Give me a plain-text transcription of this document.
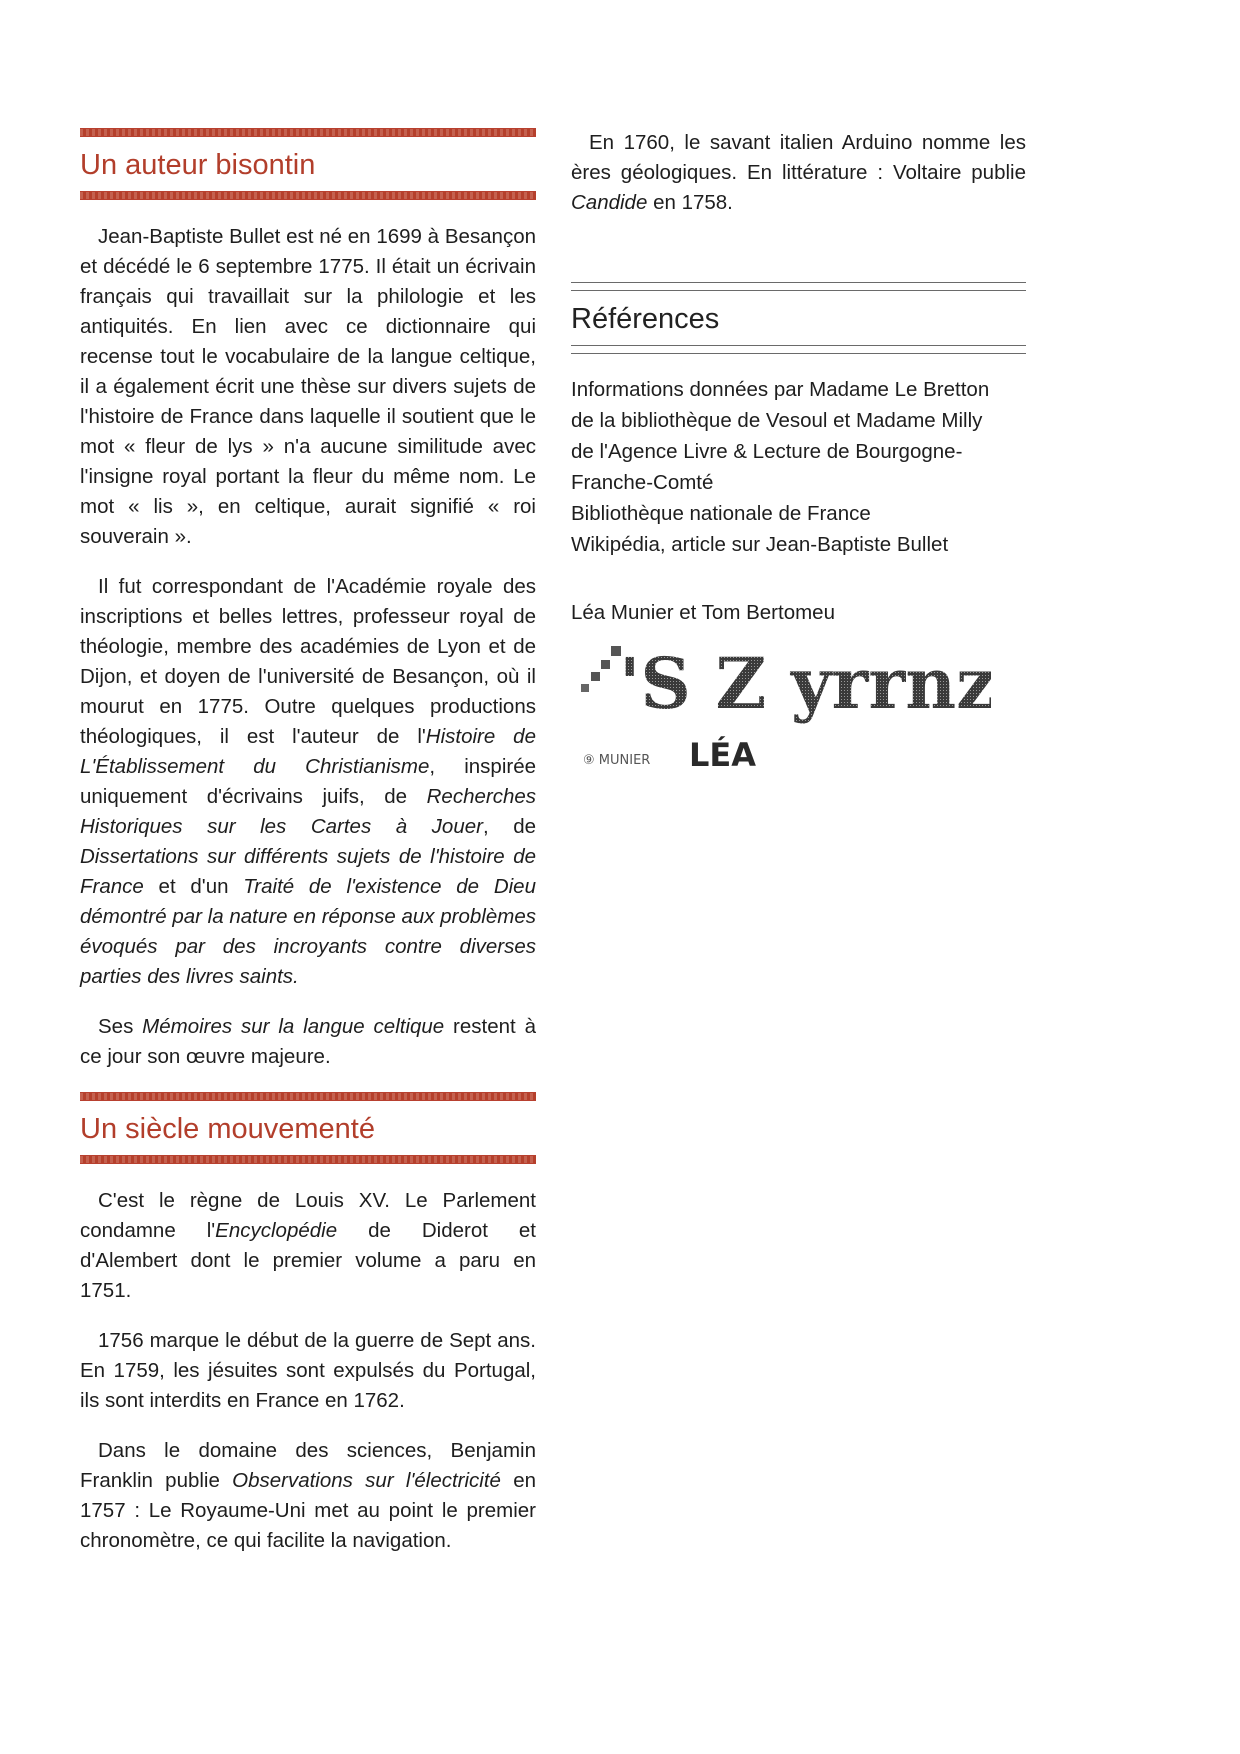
Un auteur bisontin

Jean-Baptiste Bullet est né en 1699 à Besançon et décédé le 6 septembre 1775. Il était un écrivain français qui travaillait sur la philologie et les antiquités. En lien avec ce dictionnaire qui recense tout le vocabulaire de la langue celtique, il a également écrit une thèse sur divers sujets de l'histoire de France dans laquelle il soutient que le mot « fleur de lys » n'a aucune similitude avec l'insigne royal portant la fleur du même nom. Le mot « lis », en celtique, aurait signifié « roi souverain ».

Il fut correspondant de l'Académie royale des inscriptions et belles lettres, professeur royal de théologie, membre des académies de Lyon et de Dijon, et doyen de l'université de Besançon, où il mourut en 1775. Outre quelques productions théologiques, il est l'auteur de l'Histoire de L'Établissement du Christianisme, inspirée uniquement d'écrivains juifs, de Recherches Historiques sur les Cartes à Jouer, de Dissertations sur différents sujets de l'histoire de France et d'un Traité de l'existence de Dieu démontré par la nature en réponse aux problèmes évoqués par des incroyants contre diverses parties des livres saints.

Ses Mémoires sur la langue celtique restent à ce jour son œuvre majeure.

Un siècle mouvementé

C'est le règne de Louis XV. Le Parlement condamne l'Encyclopédie de Diderot et d'Alembert dont le premier volume a paru en 1751.

1756 marque le début de la guerre de Sept ans. En 1759, les jésuites sont expulsés du Portugal, ils sont interdits en France en 1762.

Dans le domaine des sciences, Benjamin Franklin publie Observations sur l'électricité en 1757 : Le Royaume-Uni met au point le premier chronomètre, ce qui facilite la navigation.

En 1760, le savant italien Arduino nomme les ères géologiques. En littérature : Voltaire publie Candide en 1758.

Références
Informations données par Madame Le Bretton
de la bibliothèque de Vesoul et Madame Milly
de l'Agence Livre & Lecture de Bourgogne-
Franche-Comté
Bibliothèque nationale de France
Wikipédia, article sur Jean-Baptiste Bullet
Léa Munier et Tom Bertomeu
'S Z yrrnz
⑨ MUNIER LÉA
